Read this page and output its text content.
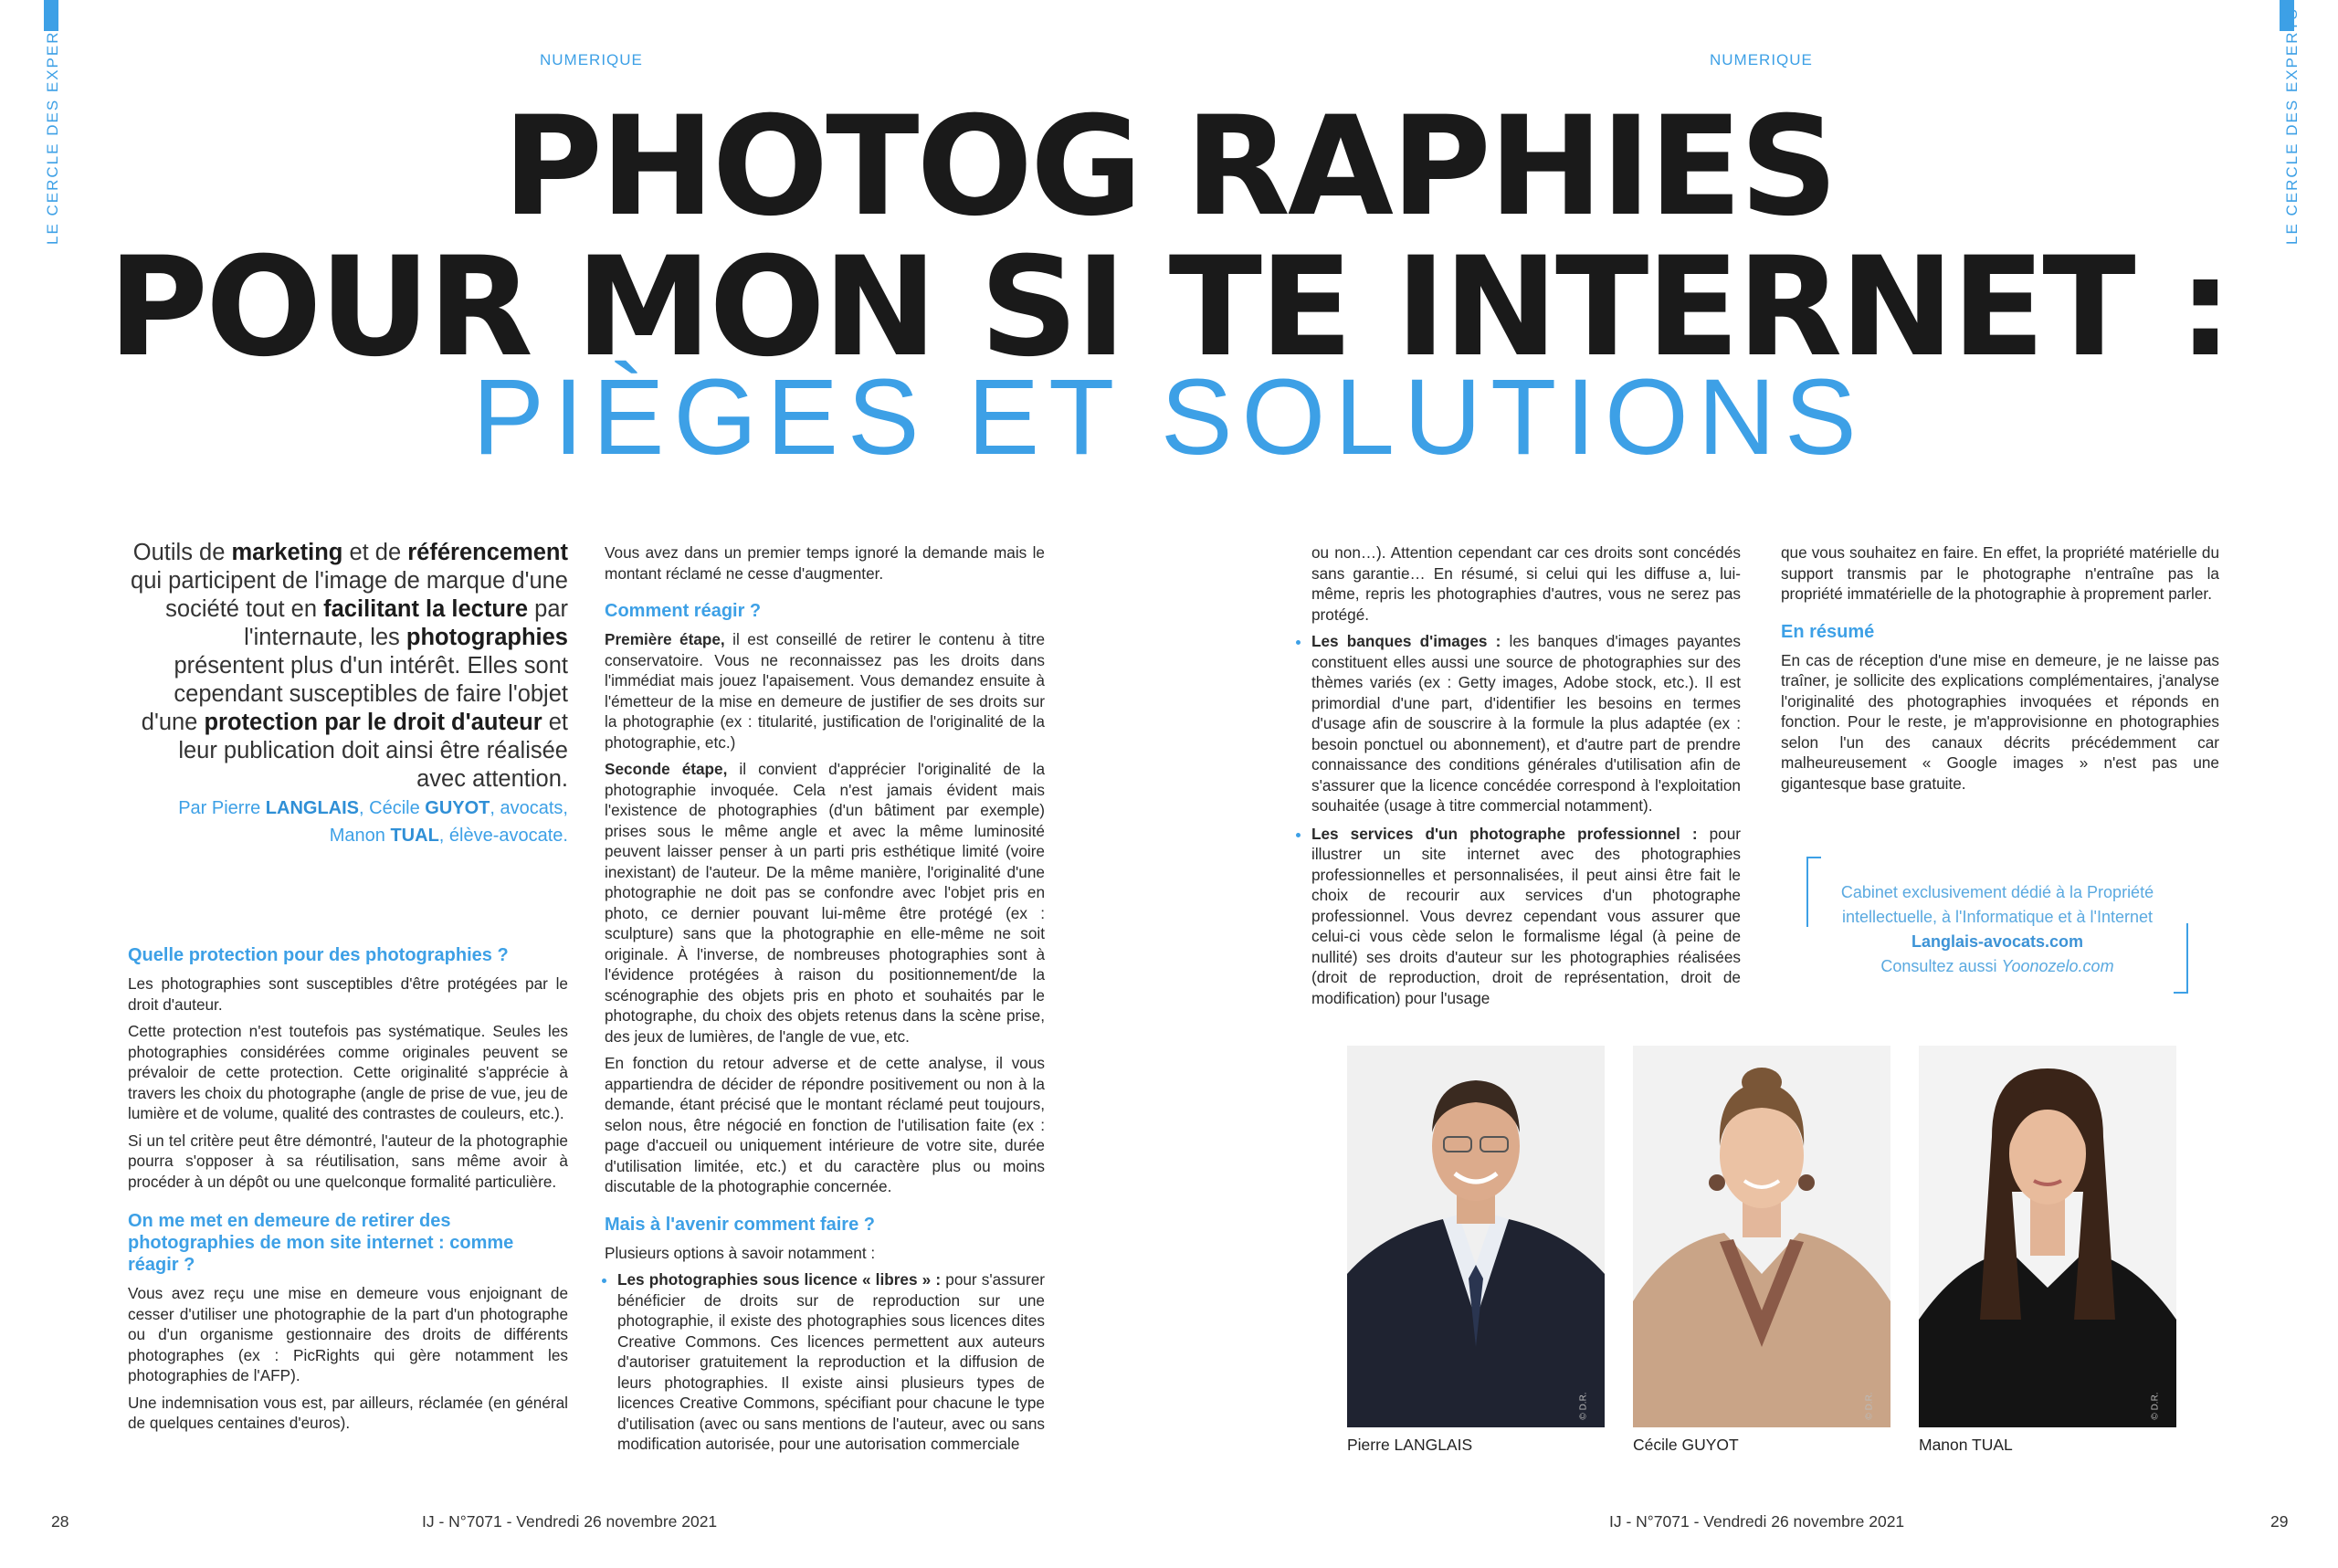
LE CERCLE DES EXPERTS	LE CERCLE DES EXPERTS
NUMERIQUE	NUMERIQUE
PHOTOG RAPHIES
POUR MON SI TE INTERNET :
PIÈGES ET SOLUTIONS
Outils de marketing et de référencement qui participent de l'image de marque d'une société tout en facilitant la lecture par l'internaute, les photographies présentent plus d'un intérêt. Elles sont cependant susceptibles de faire l'objet d'une protection par le droit d'auteur et leur publication doit ainsi être réalisée avec attention.
Par Pierre LANGLAIS, Cécile GUYOT, avocats,
Manon TUAL, élève-avocate.
Quelle protection pour des photographies ?

Les photographies sont susceptibles d'être protégées par le droit d'auteur.

Cette protection n'est toutefois pas systématique. Seules les photographies considérées comme originales peuvent se prévaloir de cette protection. Cette originalité s'apprécie à travers les choix du photographe (angle de prise de vue, jeu de lumière et de volume, qualité des contrastes de couleurs, etc.).

Si un tel critère peut être démontré, l'auteur de la photographie pourra s'opposer à sa réutilisation, sans même avoir à procéder à un dépôt ou une quelconque formalité particulière.

On me met en demeure de retirer des photographies de mon site internet : comme réagir ?

Vous avez reçu une mise en demeure vous enjoignant de cesser d'utiliser une photographie de la part d'un photographe ou d'un organisme gestionnaire des droits de différents photographes (ex : PicRights qui gère notamment les photographies de l'AFP).

Une indemnisation vous est, par ailleurs, réclamée (en général de quelques centaines d'euros).

Vous avez dans un premier temps ignoré la demande mais le montant réclamé ne cesse d'augmenter.

Comment réagir ?

Première étape, il est conseillé de retirer le contenu à titre conservatoire. Vous ne reconnaissez pas les droits dans l'immédiat mais jouez l'apaisement. Vous demandez ensuite à l'émetteur de la mise en demeure de justifier de ses droits sur la photographie (ex : titularité, justification de l'originalité de la photographie, etc.)

Seconde étape, il convient d'apprécier l'originalité de la photographie invoquée. Cela n'est jamais évident mais l'existence de photographies (d'un bâtiment par exemple) prises sous le même angle et avec la même luminosité peuvent laisser penser à un parti pris esthétique limité (voire inexistant) de l'auteur. De la même manière, l'originalité d'une photographie ne doit pas se confondre avec l'objet pris en photo, ce dernier pouvant lui-même être protégé (ex : sculpture) sans que la photographie en elle-même ne soit originale. À l'inverse, de nombreuses photographies sont à l'évidence protégées à raison du positionnement/de la scénographie des objets pris en photo et souhaités par le photographe, du choix des objets retenus dans la scène prise, des jeux de lumières, de l'angle de vue, etc.

En fonction du retour adverse et de cette analyse, il vous appartiendra de décider de répondre positivement ou non à la demande, étant précisé que le montant réclamé peut toujours, selon nous, être négocié en fonction de l'utilisation faite (ex : page d'accueil ou uniquement intérieure de votre site, durée d'utilisation limitée, etc.) et du caractère plus ou moins discutable de la photographie concernée.

Mais à l'avenir comment faire ?

Plusieurs options à savoir notamment :

• Les photographies sous licence « libres » : pour s'assurer bénéficier de droits sur de reproduction sur une photographie, il existe des photographies sous licences dites Creative Commons. Ces licences permettent aux auteurs d'autoriser gratuitement la reproduction et la diffusion de leurs photographies. Il existe ainsi plusieurs types de licences Creative Commons, spécifiant pour chacune le type d'utilisation (avec ou sans mentions de l'auteur, avec ou sans modification autorisée, pour une autorisation commerciale

ou non…). Attention cependant car ces droits sont concédés sans garantie… En résumé, si celui qui les diffuse a, lui-même, repris les photographies d'autres, vous ne serez pas protégé.

• Les banques d'images : les banques d'images payantes constituent elles aussi une source de photographies sur des thèmes variés (ex : Getty images, Adobe stock, etc.). Il est primordial d'une part, d'identifier les besoins en termes d'usage afin de souscrire à la formule la plus adaptée (ex : besoin ponctuel ou abonnement), et d'autre part de prendre connaissance des conditions générales d'utilisation afin de s'assurer que la licence concédée correspond à l'exploitation souhaitée (usage à titre commercial notamment).
• Les services d'un photographe professionnel : pour illustrer un site internet avec des photographies professionnelles et personnalisées, il peut ainsi être fait le choix de recourir aux services d'un photographe professionnel. Vous devrez cependant vous assurer que celui-ci vous cède selon le formalisme légal (à peine de nullité) ses droits d'auteur sur les photographies réalisées (droit de reproduction, droit de représentation, droit de modification) pour l'usage

que vous souhaitez en faire. En effet, la propriété matérielle du support transmis par le photographe n'entraîne pas la propriété immatérielle de la photographie à proprement parler.

En résumé

En cas de réception d'une mise en demeure, je ne laisse pas traîner, je sollicite des explications complémentaires, j'analyse l'originalité des photographies invoquées et réponds en fonction. Pour le reste, je m'approvisionne en photographies selon l'un des canaux décrits précédemment car malheureusement « Google images » n'est pas une gigantesque base gratuite.

Cabinet exclusivement dédié à la Propriété
intellectuelle, à l'Informatique et à l'Internet
Langlais-avocats.com
Consultez aussi Yoonozelo.com
© D.R.	© D.R.	© D.R.
Pierre LANGLAIS	Cécile GUYOT	Manon TUAL
28	IJ - N°7071 - Vendredi 26 novembre 2021	IJ - N°7071 - Vendredi 26 novembre 2021	29
